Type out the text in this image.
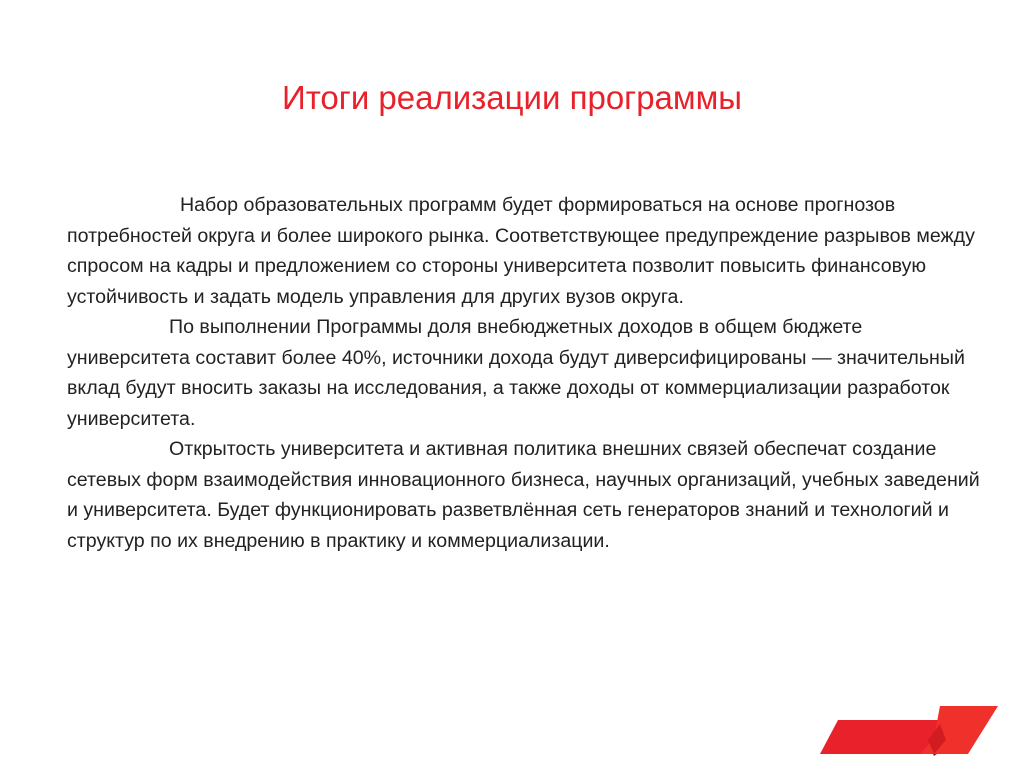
Итоги реализации программы

Набор образовательных программ будет формироваться на основе прогнозов потребностей округа и более широкого рынка. Соответствующее предупреждение разрывов между спросом на кадры и предложением со стороны университета позволит повысить финансовую устойчивость и задать модель управления для других вузов округа.

По выполнении Программы доля внебюджетных доходов в общем бюджете университета составит более 40%, источники дохода будут диверсифицированы — значительный вклад будут вносить заказы на исследования, а также доходы от коммерциализации разработок университета.

Открытость университета и активная политика внешних связей обеспечат создание сетевых форм взаимодействия инновационного бизнеса, научных организаций, учебных заведений и университета. Будет функционировать разветвлённая сеть генераторов знаний и технологий и структур по их внедрению в практику и коммерциализации.
